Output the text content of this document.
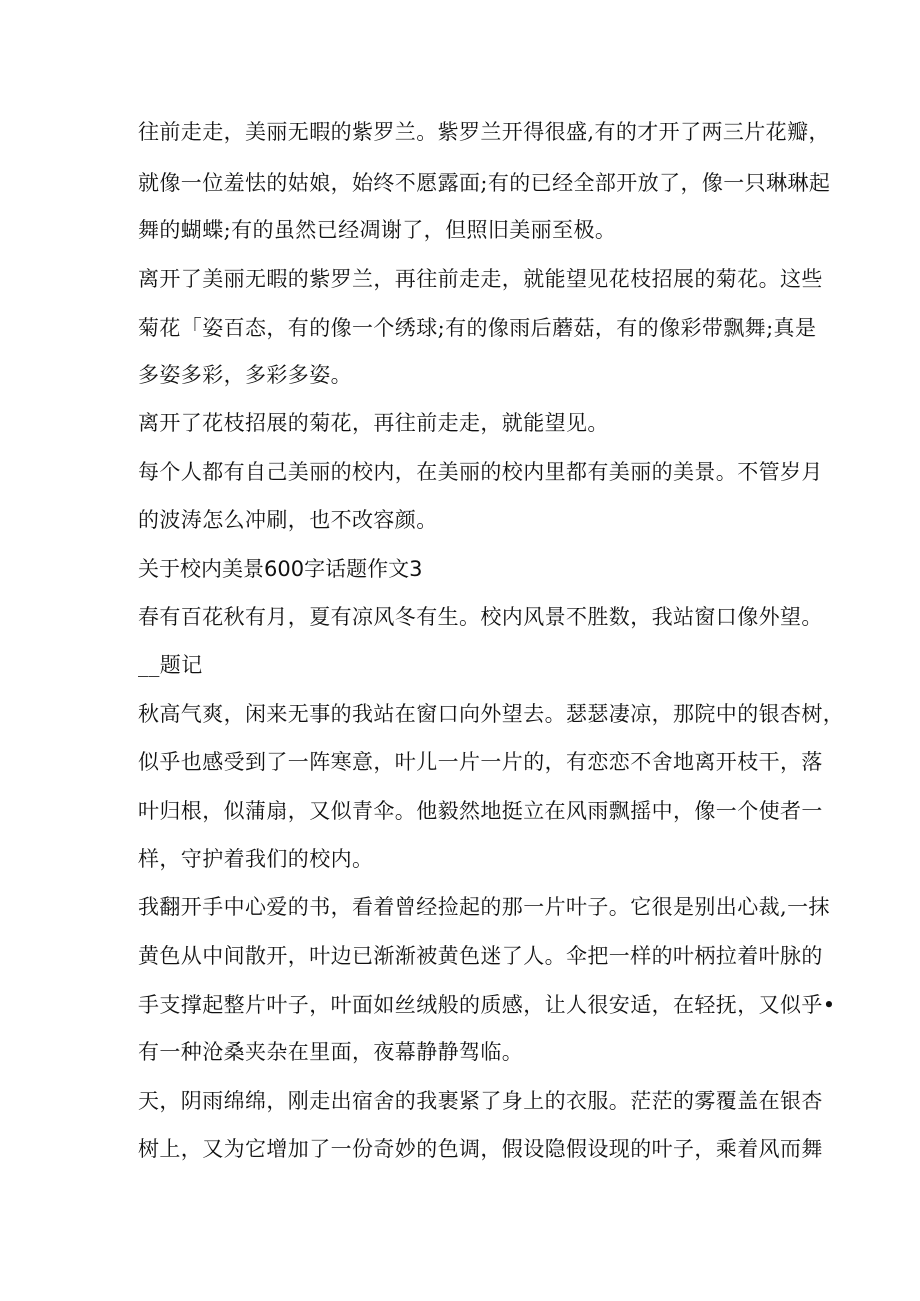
往前走走，美丽无暇的紫罗兰。紫罗兰开得很盛,有的才开了两三片花瓣，

就像一位羞怯的姑娘，始终不愿露面;有的已经全部开放了，像一只琳琳起

舞的蝴蝶;有的虽然已经凋谢了，但照旧美丽至极。

离开了美丽无暇的紫罗兰，再往前走走，就能望见花枝招展的菊花。这些

菊花「姿百态，有的像一个绣球;有的像雨后蘑菇，有的像彩带飘舞;真是

多姿多彩，多彩多姿。

离开了花枝招展的菊花，再往前走走，就能望见。

每个人都有自己美丽的校内，在美丽的校内里都有美丽的美景。不管岁月

的波涛怎么冲刷，也不改容颜。

关于校内美景600字话题作文3

春有百花秋有月，夏有凉风冬有生。校内风景不胜数，我站窗口像外望。

__题记

秋高气爽，闲来无事的我站在窗口向外望去。瑟瑟凄凉，那院中的银杏树，

似乎也感受到了一阵寒意，叶儿一片一片的，有恋恋不舍地离开枝干，落

叶归根，似蒲扇，又似青伞。他毅然地挺立在风雨飘摇中，像一个使者一

样，守护着我们的校内。

我翻开手中心爱的书，看着曾经捡起的那一片叶子。它很是别出心裁,一抹

黄色从中间散开，叶边已渐渐被黄色迷了人。伞把一样的叶柄拉着叶脉的

手支撑起整片叶子，叶面如丝绒般的质感，让人很安适，在轻抚，又似乎•

有一种沧桑夹杂在里面，夜幕静静驾临。

天，阴雨绵绵，刚走出宿舍的我裹紧了身上的衣服。茫茫的雾覆盖在银杏

树上，又为它增加了一份奇妙的色调，假设隐假设现的叶子，乘着风而舞
